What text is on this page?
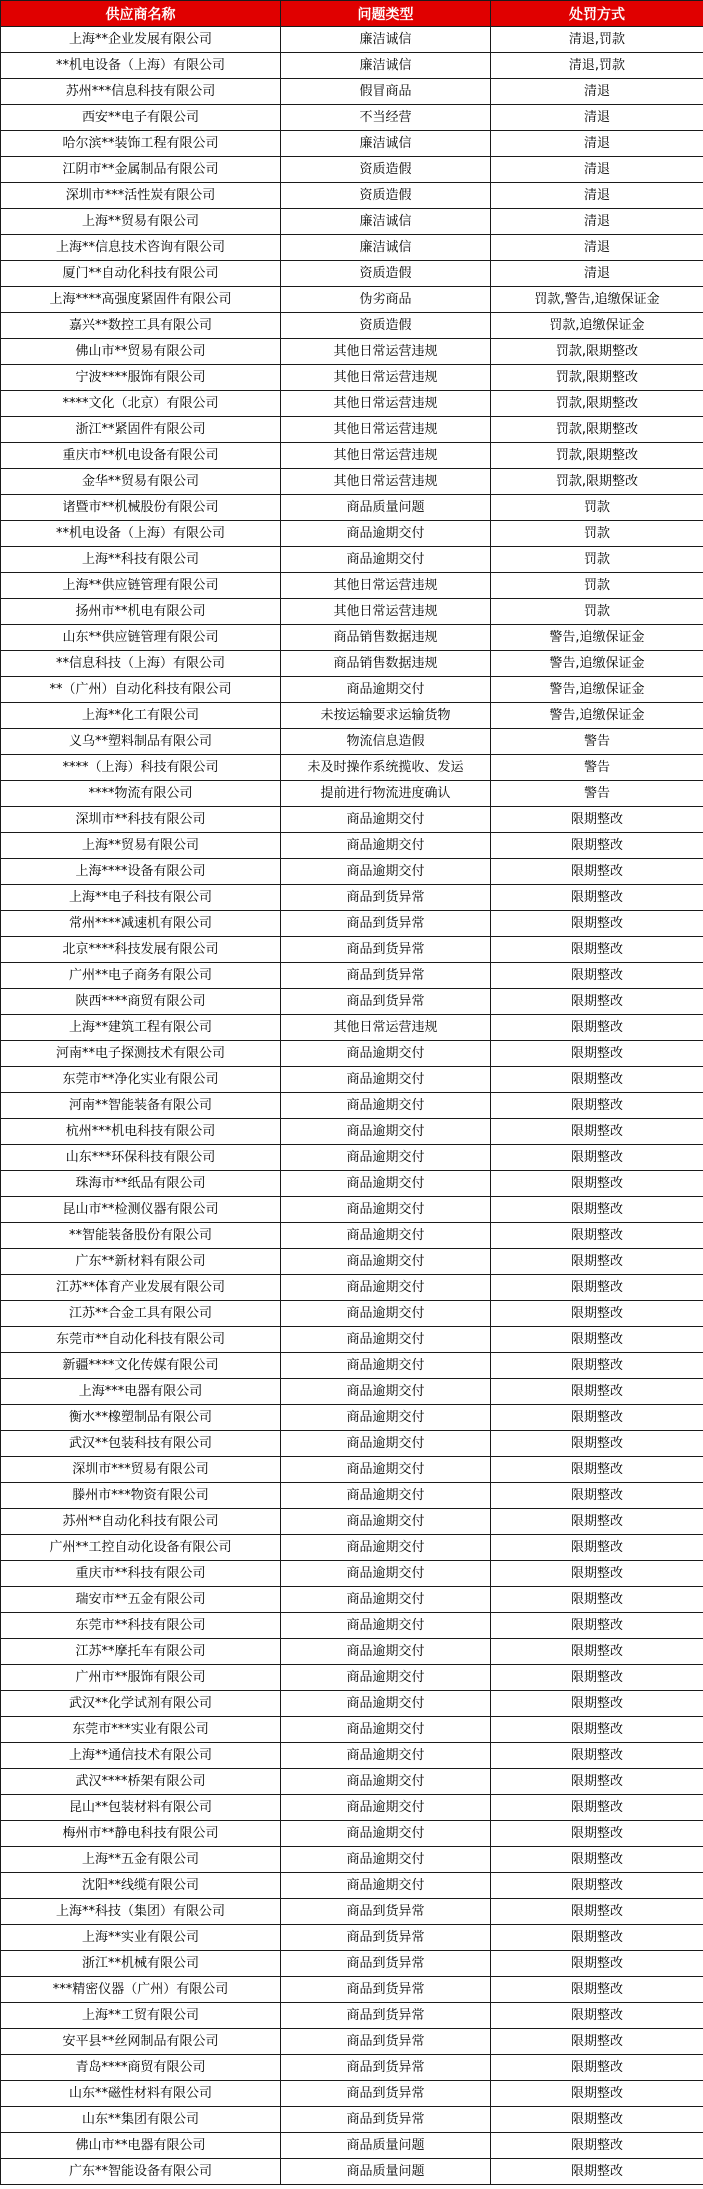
供应商名称	问题类型	处罚方式
上海**企业发展有限公司	廉洁诚信	清退,罚款
**机电设备（上海）有限公司	廉洁诚信	清退,罚款
苏州***信息科技有限公司	假冒商品	清退
西安**电子有限公司	不当经营	清退
哈尔滨**装饰工程有限公司	廉洁诚信	清退
江阴市**金属制品有限公司	资质造假	清退
深圳市***活性炭有限公司	资质造假	清退
上海**贸易有限公司	廉洁诚信	清退
上海**信息技术咨询有限公司	廉洁诚信	清退
厦门**自动化科技有限公司	资质造假	清退
上海****高强度紧固件有限公司	伪劣商品	罚款,警告,追缴保证金
嘉兴**数控工具有限公司	资质造假	罚款,追缴保证金
佛山市**贸易有限公司	其他日常运营违规	罚款,限期整改
宁波****服饰有限公司	其他日常运营违规	罚款,限期整改
****文化（北京）有限公司	其他日常运营违规	罚款,限期整改
浙江**紧固件有限公司	其他日常运营违规	罚款,限期整改
重庆市**机电设备有限公司	其他日常运营违规	罚款,限期整改
金华**贸易有限公司	其他日常运营违规	罚款,限期整改
诸暨市**机械股份有限公司	商品质量问题	罚款
**机电设备（上海）有限公司	商品逾期交付	罚款
上海**科技有限公司	商品逾期交付	罚款
上海**供应链管理有限公司	其他日常运营违规	罚款
扬州市**机电有限公司	其他日常运营违规	罚款
山东**供应链管理有限公司	商品销售数据违规	警告,追缴保证金
**信息科技（上海）有限公司	商品销售数据违规	警告,追缴保证金
**（广州）自动化科技有限公司	商品逾期交付	警告,追缴保证金
上海**化工有限公司	未按运输要求运输货物	警告,追缴保证金
义乌**塑料制品有限公司	物流信息造假	警告
****（上海）科技有限公司	未及时操作系统揽收、发运	警告
****物流有限公司	提前进行物流进度确认	警告
深圳市**科技有限公司	商品逾期交付	限期整改
上海**贸易有限公司	商品逾期交付	限期整改
上海****设备有限公司	商品逾期交付	限期整改
上海**电子科技有限公司	商品到货异常	限期整改
常州****减速机有限公司	商品到货异常	限期整改
北京****科技发展有限公司	商品到货异常	限期整改
广州**电子商务有限公司	商品到货异常	限期整改
陕西****商贸有限公司	商品到货异常	限期整改
上海**建筑工程有限公司	其他日常运营违规	限期整改
河南**电子探测技术有限公司	商品逾期交付	限期整改
东莞市**净化实业有限公司	商品逾期交付	限期整改
河南**智能装备有限公司	商品逾期交付	限期整改
杭州***机电科技有限公司	商品逾期交付	限期整改
山东***环保科技有限公司	商品逾期交付	限期整改
珠海市**纸品有限公司	商品逾期交付	限期整改
昆山市**检测仪器有限公司	商品逾期交付	限期整改
**智能装备股份有限公司	商品逾期交付	限期整改
广东**新材料有限公司	商品逾期交付	限期整改
江苏**体育产业发展有限公司	商品逾期交付	限期整改
江苏**合金工具有限公司	商品逾期交付	限期整改
东莞市**自动化科技有限公司	商品逾期交付	限期整改
新疆****文化传媒有限公司	商品逾期交付	限期整改
上海***电器有限公司	商品逾期交付	限期整改
衡水**橡塑制品有限公司	商品逾期交付	限期整改
武汉**包装科技有限公司	商品逾期交付	限期整改
深圳市***贸易有限公司	商品逾期交付	限期整改
滕州市***物资有限公司	商品逾期交付	限期整改
苏州**自动化科技有限公司	商品逾期交付	限期整改
广州**工控自动化设备有限公司	商品逾期交付	限期整改
重庆市**科技有限公司	商品逾期交付	限期整改
瑞安市**五金有限公司	商品逾期交付	限期整改
东莞市**科技有限公司	商品逾期交付	限期整改
江苏**摩托车有限公司	商品逾期交付	限期整改
广州市**服饰有限公司	商品逾期交付	限期整改
武汉**化学试剂有限公司	商品逾期交付	限期整改
东莞市***实业有限公司	商品逾期交付	限期整改
上海**通信技术有限公司	商品逾期交付	限期整改
武汉****桥架有限公司	商品逾期交付	限期整改
昆山**包装材料有限公司	商品逾期交付	限期整改
梅州市**静电科技有限公司	商品逾期交付	限期整改
上海**五金有限公司	商品逾期交付	限期整改
沈阳**线缆有限公司	商品逾期交付	限期整改
上海**科技（集团）有限公司	商品到货异常	限期整改
上海**实业有限公司	商品到货异常	限期整改
浙江**机械有限公司	商品到货异常	限期整改
***精密仪器（广州）有限公司	商品到货异常	限期整改
上海**工贸有限公司	商品到货异常	限期整改
安平县**丝网制品有限公司	商品到货异常	限期整改
青岛****商贸有限公司	商品到货异常	限期整改
山东**磁性材料有限公司	商品到货异常	限期整改
山东**集团有限公司	商品到货异常	限期整改
佛山市**电器有限公司	商品质量问题	限期整改
广东**智能设备有限公司	商品质量问题	限期整改
